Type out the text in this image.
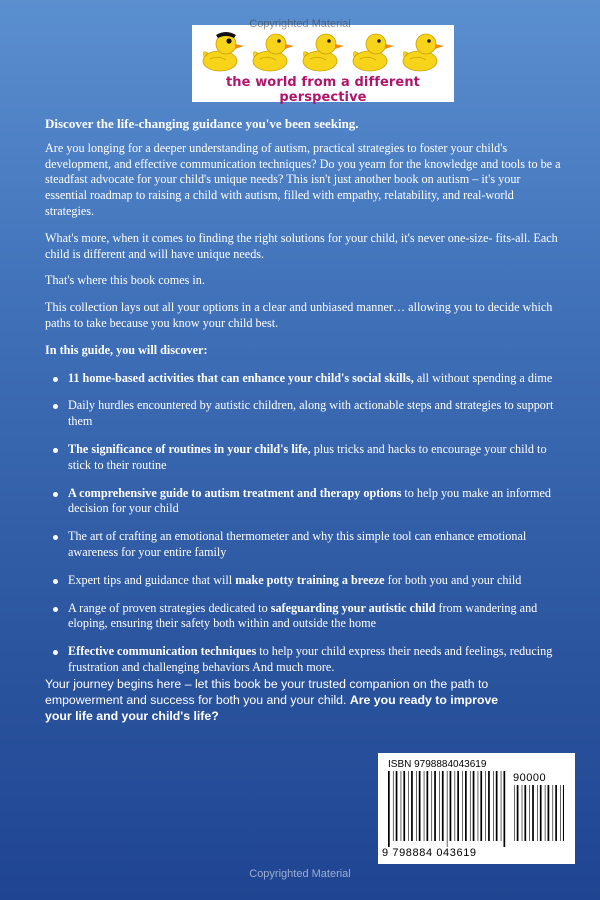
Copyrighted Material
the world from a different perspective

Discover the life-changing guidance you've been seeking.

Are you longing for a deeper understanding of autism, practical strategies to foster your child's development, and effective communication techniques? Do you yearn for the knowledge and tools to be a steadfast advocate for your child's unique needs? This isn't just another book on autism – it's your essential roadmap to raising a child with autism, filled with empathy, relatability, and real-world strategies.

What's more, when it comes to finding the right solutions for your child, it's never one-size- fits-all. Each child is different and will have unique needs.

That's where this book comes in.

This collection lays out all your options in a clear and unbiased manner… allowing you to decide which paths to take because you know your child best.

In this guide, you will discover:

11 home-based activities that can enhance your child's social skills, all without spending a dime
Daily hurdles encountered by autistic children, along with actionable steps and strategies to support them
The significance of routines in your child's life, plus tricks and hacks to encourage your child to stick to their routine
A comprehensive guide to autism treatment and therapy options to help you make an informed decision for your child
The art of crafting an emotional thermometer and why this simple tool can enhance emotional awareness for your entire family
Expert tips and guidance that will make potty training a breeze for both you and your child
A range of proven strategies dedicated to safeguarding your autistic child from wandering and eloping, ensuring their safety both within and outside the home
Effective communication techniques to help your child express their needs and feelings, reducing frustration and challenging behaviors And much more.
Your journey begins here – let this book be your trusted companion on the path to empowerment and success for both you and your child. Are you ready to improve your life and your child's life?
ISBN 9798884043619
90000
9 798884 043619
Copyrighted Material
